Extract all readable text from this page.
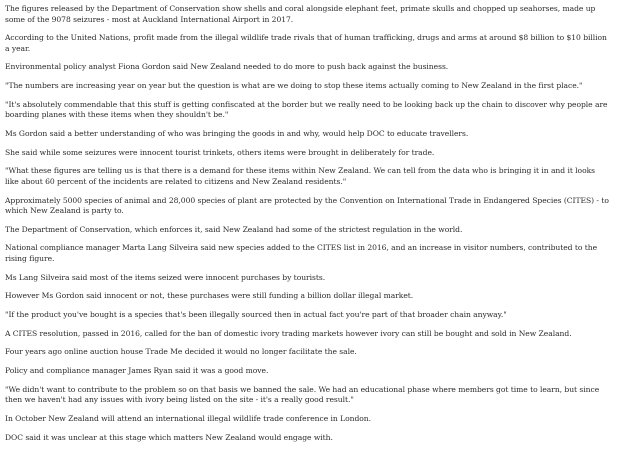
The figures released by the Department of Conservation show shells and coral alongside elephant feet, primate skulls and chopped up seahorses, made up some of the 9078 seizures - most at Auckland International Airport in 2017.

According to the United Nations, profit made from the illegal wildlife trade rivals that of human trafficking, drugs and arms at around $8 billion to $10 billion a year.

Environmental policy analyst Fiona Gordon said New Zealand needed to do more to push back against the business.

"The numbers are increasing year on year but the question is what are we doing to stop these items actually coming to New Zealand in the first place."

"It's absolutely commendable that this stuff is getting confiscated at the border but we really need to be looking back up the chain to discover why people are boarding planes with these items when they shouldn't be."

Ms Gordon said a better understanding of who was bringing the goods in and why, would help DOC to educate travellers.

She said while some seizures were innocent tourist trinkets, others items were brought in deliberately for trade.

"What these figures are telling us is that there is a demand for these items within New Zealand. We can tell from the data who is bringing it in and it looks like about 60 percent of the incidents are related to citizens and New Zealand residents."

Approximately 5000 species of animal and 28,000 species of plant are protected by the Convention on International Trade in Endangered Species (CITES) - to which New Zealand is party to.

The Department of Conservation, which enforces it, said New Zealand had some of the strictest regulation in the world.

National compliance manager Marta Lang Silveira said new species added to the CITES list in 2016, and an increase in visitor numbers, contributed to the rising figure.

Ms Lang Silveira said most of the items seized were innocent purchases by tourists.

However Ms Gordon said innocent or not, these purchases were still funding a billion dollar illegal market.

"If the product you've bought is a species that's been illegally sourced then in actual fact you're part of that broader chain anyway."

A CITES resolution, passed in 2016, called for the ban of domestic ivory trading markets however ivory can still be bought and sold in New Zealand.

Four years ago online auction house Trade Me decided it would no longer facilitate the sale.

Policy and compliance manager James Ryan said it was a good move.

"We didn't want to contribute to the problem so on that basis we banned the sale. We had an educational phase where members got time to learn, but since then we haven't had any issues with ivory being listed on the site - it's a really good result."

In October New Zealand will attend an international illegal wildlife trade conference in London.

DOC said it was unclear at this stage which matters New Zealand would engage with.
